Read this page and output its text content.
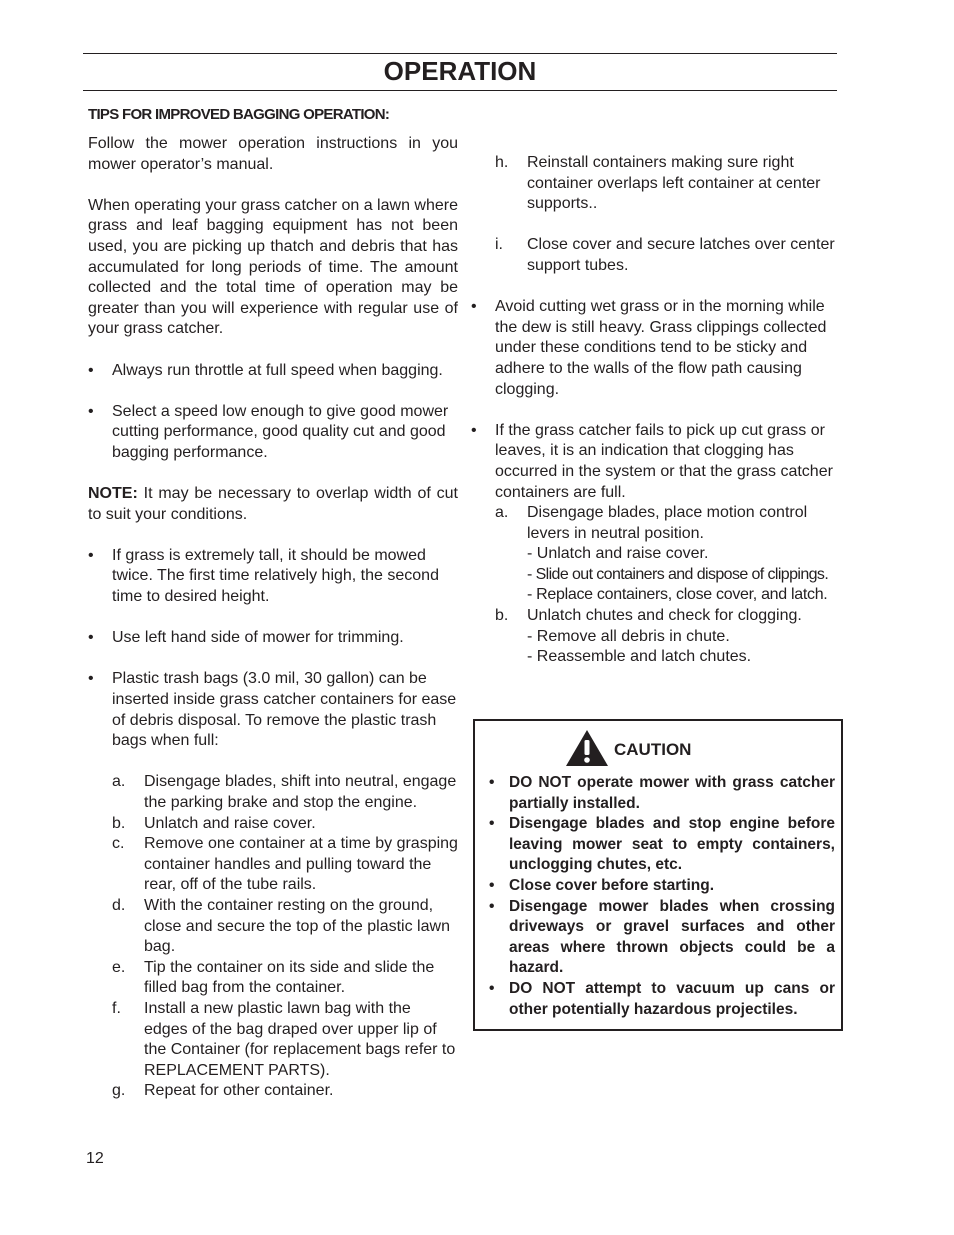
OPERATION
TIPS FOR IMPROVED BAGGING OPERATION:

Follow the mower operation instructions in you mower operator’s manual.

When operating your grass catcher on a lawn where grass and leaf bagging equipment has not been used, you are picking up thatch and debris that has accumulated for long periods of time. The amount collected and the total time of operation may be greater than you will experience with regular use of your grass catcher.

• Always run throttle at full speed when bagging.
• Select a speed low enough to give good mower cutting performance, good quality cut and good bagging performance.

NOTE: It may be necessary to overlap width of cut to suit your conditions.

• If grass is extremely tall, it should be mowed twice. The first time relatively high, the second time to desired height.
• Use left hand side of mower for trimming.
• Plastic trash bags (3.0 mil, 30 gallon) can be inserted inside grass catcher containers for ease of debris disposal. To remove the plastic trash bags when full:
a. Disengage blades, shift into neutral, engage the parking brake and stop the engine.
b. Unlatch and raise cover.
c. Remove one container at a time by grasping container handles and pulling toward the rear, off of the tube rails.
d. With the container resting on the ground, close and secure the top of the plastic lawn bag.
e. Tip the container on its side and slide the filled bag from the container.
f. Install a new plastic lawn bag with the edges of the bag draped over upper lip of the Container (for replacement bags refer to REPLACEMENT PARTS).
g. Repeat for other container.
h. Reinstall containers making sure right container overlaps left container at center supports..
i. Close cover and secure latches over center support tubes.
• Avoid cutting wet grass or in the morning while the dew is still heavy. Grass clippings collected under these conditions tend to be sticky and adhere to the walls of the flow path causing clogging.
• If the grass catcher fails to pick up cut grass or leaves, it is an indication that clogging has occurred in the system or that the grass catcher containers are full.
a. Disengage blades, place motion control levers in neutral position.
- Unlatch and raise cover.
- Slide out containers and dispose of clippings.
- Replace containers, close cover, and latch.
b. Unlatch chutes and check for clogging.
- Remove all debris in chute.
- Reassemble and latch chutes.
CAUTION
• DO NOT operate mower with grass catcher partially installed.
• Disengage blades and stop engine before leaving mower seat to empty containers, unclogging chutes, etc.
• Close cover before starting.
• Disengage mower blades when crossing driveways or gravel surfaces and other areas where thrown objects could be a hazard.
• DO NOT attempt to vacuum up cans or other potentially hazardous projectiles.
12
